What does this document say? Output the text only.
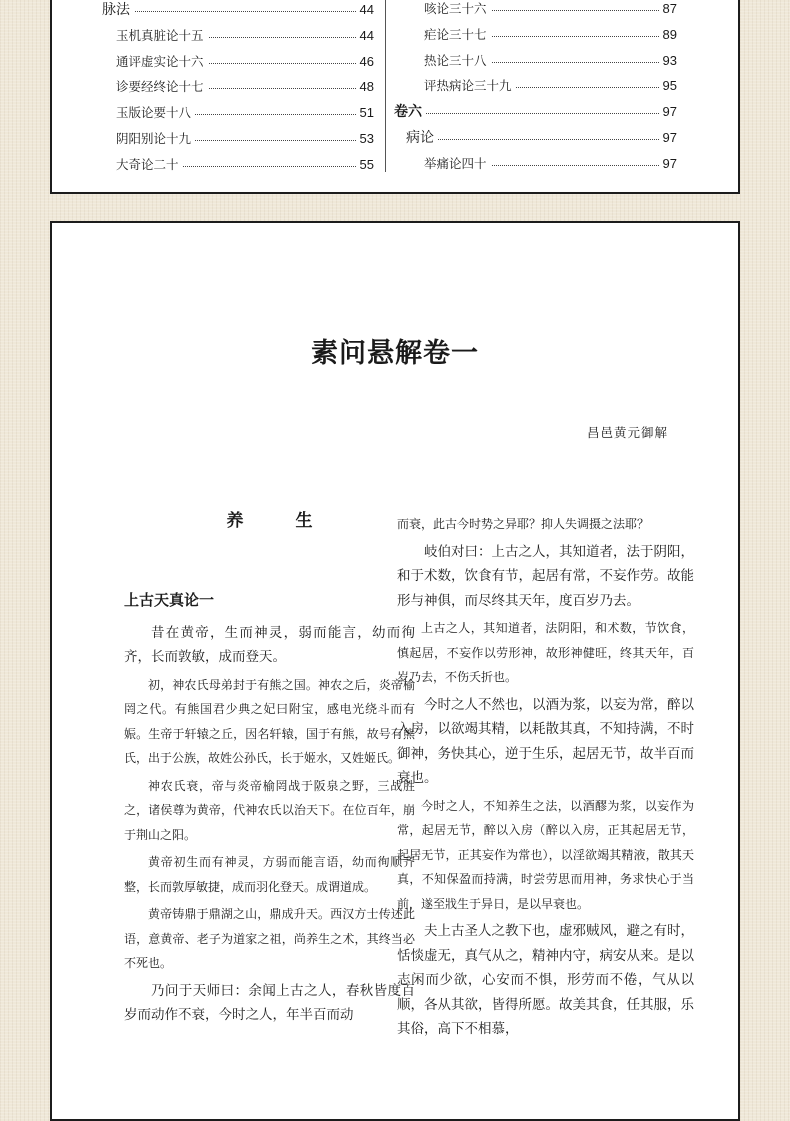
脉法	44
玉机真脏论十五	44
通评虚实论十六	46
诊要经终论十七	48
玉版论要十八	51
阴阳别论十九	53
大奇论二十	55
咳论三十六	87
疟论三十七	89
热论三十八	93
评热病论三十九	95
卷六	97
病论	97
举痛论四十	97
素问悬解卷一
昌邑黄元御解
养生
上古天真论一

昔在黄帝，生而神灵，弱而能言，幼而徇齐，长而敦敏，成而登天。

初，神农氏母弟封于有熊之国。神农之后，炎帝榆罔之代。有熊国君少典之妃曰附宝，感电光绕斗而有娠。生帝于轩辕之丘，因名轩辕，国于有熊，故号有熊氏，出于公族，故姓公孙氏，长于姬水，又姓姬氏。

神农氏衰，帝与炎帝榆罔战于阪泉之野，三战胜之，诸侯尊为黄帝，代神农氏以治天下。在位百年，崩于荆山之阳。

黄帝初生而有神灵，方弱而能言语，幼而徇顺齐整，长而敦厚敏捷，成而羽化登天。成谓道成。

黄帝铸鼎于鼎湖之山，鼎成升天。西汉方士传述此语，意黄帝、老子为道家之祖，尚养生之术，其终当必不死也。

乃问于天师曰：余闻上古之人，春秋皆度百岁而动作不衰，今时之人，年半百而动

而衰，此古今时势之异耶？抑人失调摄之法耶？

岐伯对曰：上古之人，其知道者，法于阴阳，和于术数，饮食有节，起居有常，不妄作劳。故能形与神俱，而尽终其天年，度百岁乃去。

上古之人，其知道者，法阴阳，和术数，节饮食，慎起居，不妄作以劳形神，故形神健旺，终其天年，百岁乃去，不伤夭折也。

今时之人不然也，以酒为浆，以妄为常，醉以入房，以欲竭其精，以耗散其真，不知持满，不时御神，务快其心，逆于生乐，起居无节，故半百而衰也。

今时之人，不知养生之法，以酒醪为浆，以妄作为常，起居无节，醉以入房（醉以入房，正其起居无节，起居无节，正其妄作为常也），以淫欲竭其精液，散其天真，不知保盈而持满，时尝劳思而用神，务求快心于当前，遂至戕生于异日，是以早衰也。

夫上古圣人之教下也，虚邪贼风，避之有时，恬惔虚无，真气从之，精神内守，病安从来。是以志闲而少欲，心安而不惧，形劳而不倦，气从以顺，各从其欲，皆得所愿。故美其食，任其服，乐其俗，高下不相慕，
